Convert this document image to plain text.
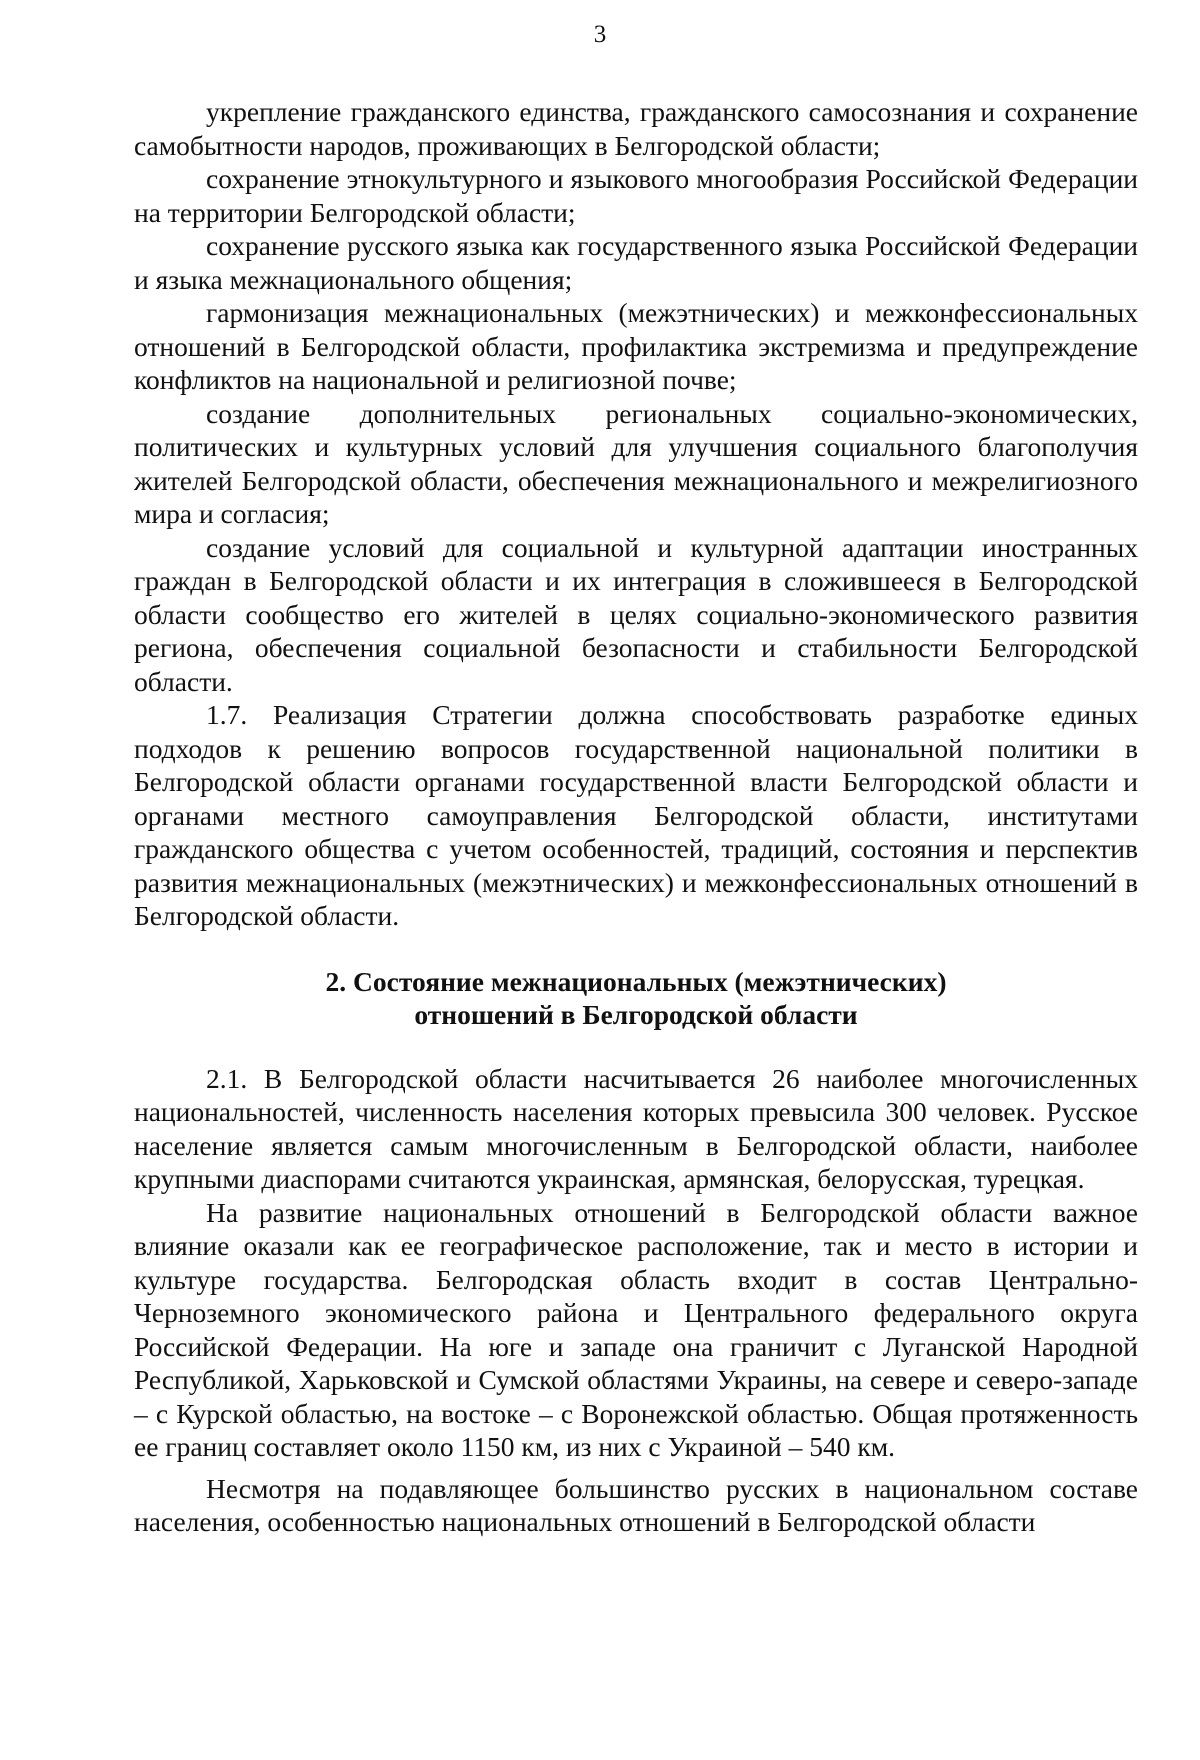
3

укрепление гражданского единства, гражданского самосознания и сохранение самобытности народов, проживающих в Белгородской области;

сохранение этнокультурного и языкового многообразия Российской Федерации на территории Белгородской области;

сохранение русского языка как государственного языка Российской Федерации и языка межнационального общения;

гармонизация межнациональных (межэтнических) и межконфессиональных отношений в Белгородской области, профилактика экстремизма и предупреждение конфликтов на национальной и религиозной почве;

создание дополнительных региональных социально-экономических, политических и культурных условий для улучшения социального благополучия жителей Белгородской области, обеспечения межнационального и межрелигиозного мира и согласия;

создание условий для социальной и культурной адаптации иностранных граждан в Белгородской области и их интеграция в сложившееся в Белгородской области сообщество его жителей в целях социально-экономического развития региона, обеспечения социальной безопасности и стабильности Белгородской области.

1.7. Реализация Стратегии должна способствовать разработке единых подходов к решению вопросов государственной национальной политики в Белгородской области органами государственной власти Белгородской области и органами местного самоуправления Белгородской области, институтами гражданского общества с учетом особенностей, традиций, состояния и перспектив развития межнациональных (межэтнических) и межконфессиональных отношений в Белгородской области.

2. Состояние межнациональных (межэтнических)
отношений в Белгородской области

2.1. В Белгородской области насчитывается 26 наиболее многочисленных национальностей, численность населения которых превысила 300 человек. Русское население является самым многочисленным в Белгородской области, наиболее крупными диаспорами считаются украинская, армянская, белорусская, турецкая.

На развитие национальных отношений в Белгородской области важное влияние оказали как ее географическое расположение, так и место в истории и культуре государства. Белгородская область входит в состав Центрально-Черноземного экономического района и Центрального федерального округа Российской Федерации. На юге и западе она граничит с Луганской Народной Республикой, Харьковской и Сумской областями Украины, на севере и северо-западе – с Курской областью, на востоке – с Воронежской областью. Общая протяженность ее границ составляет около 1150 км, из них с Украиной – 540 км.

Несмотря на подавляющее большинство русских в национальном составе населения, особенностью национальных отношений в Белгородской области
